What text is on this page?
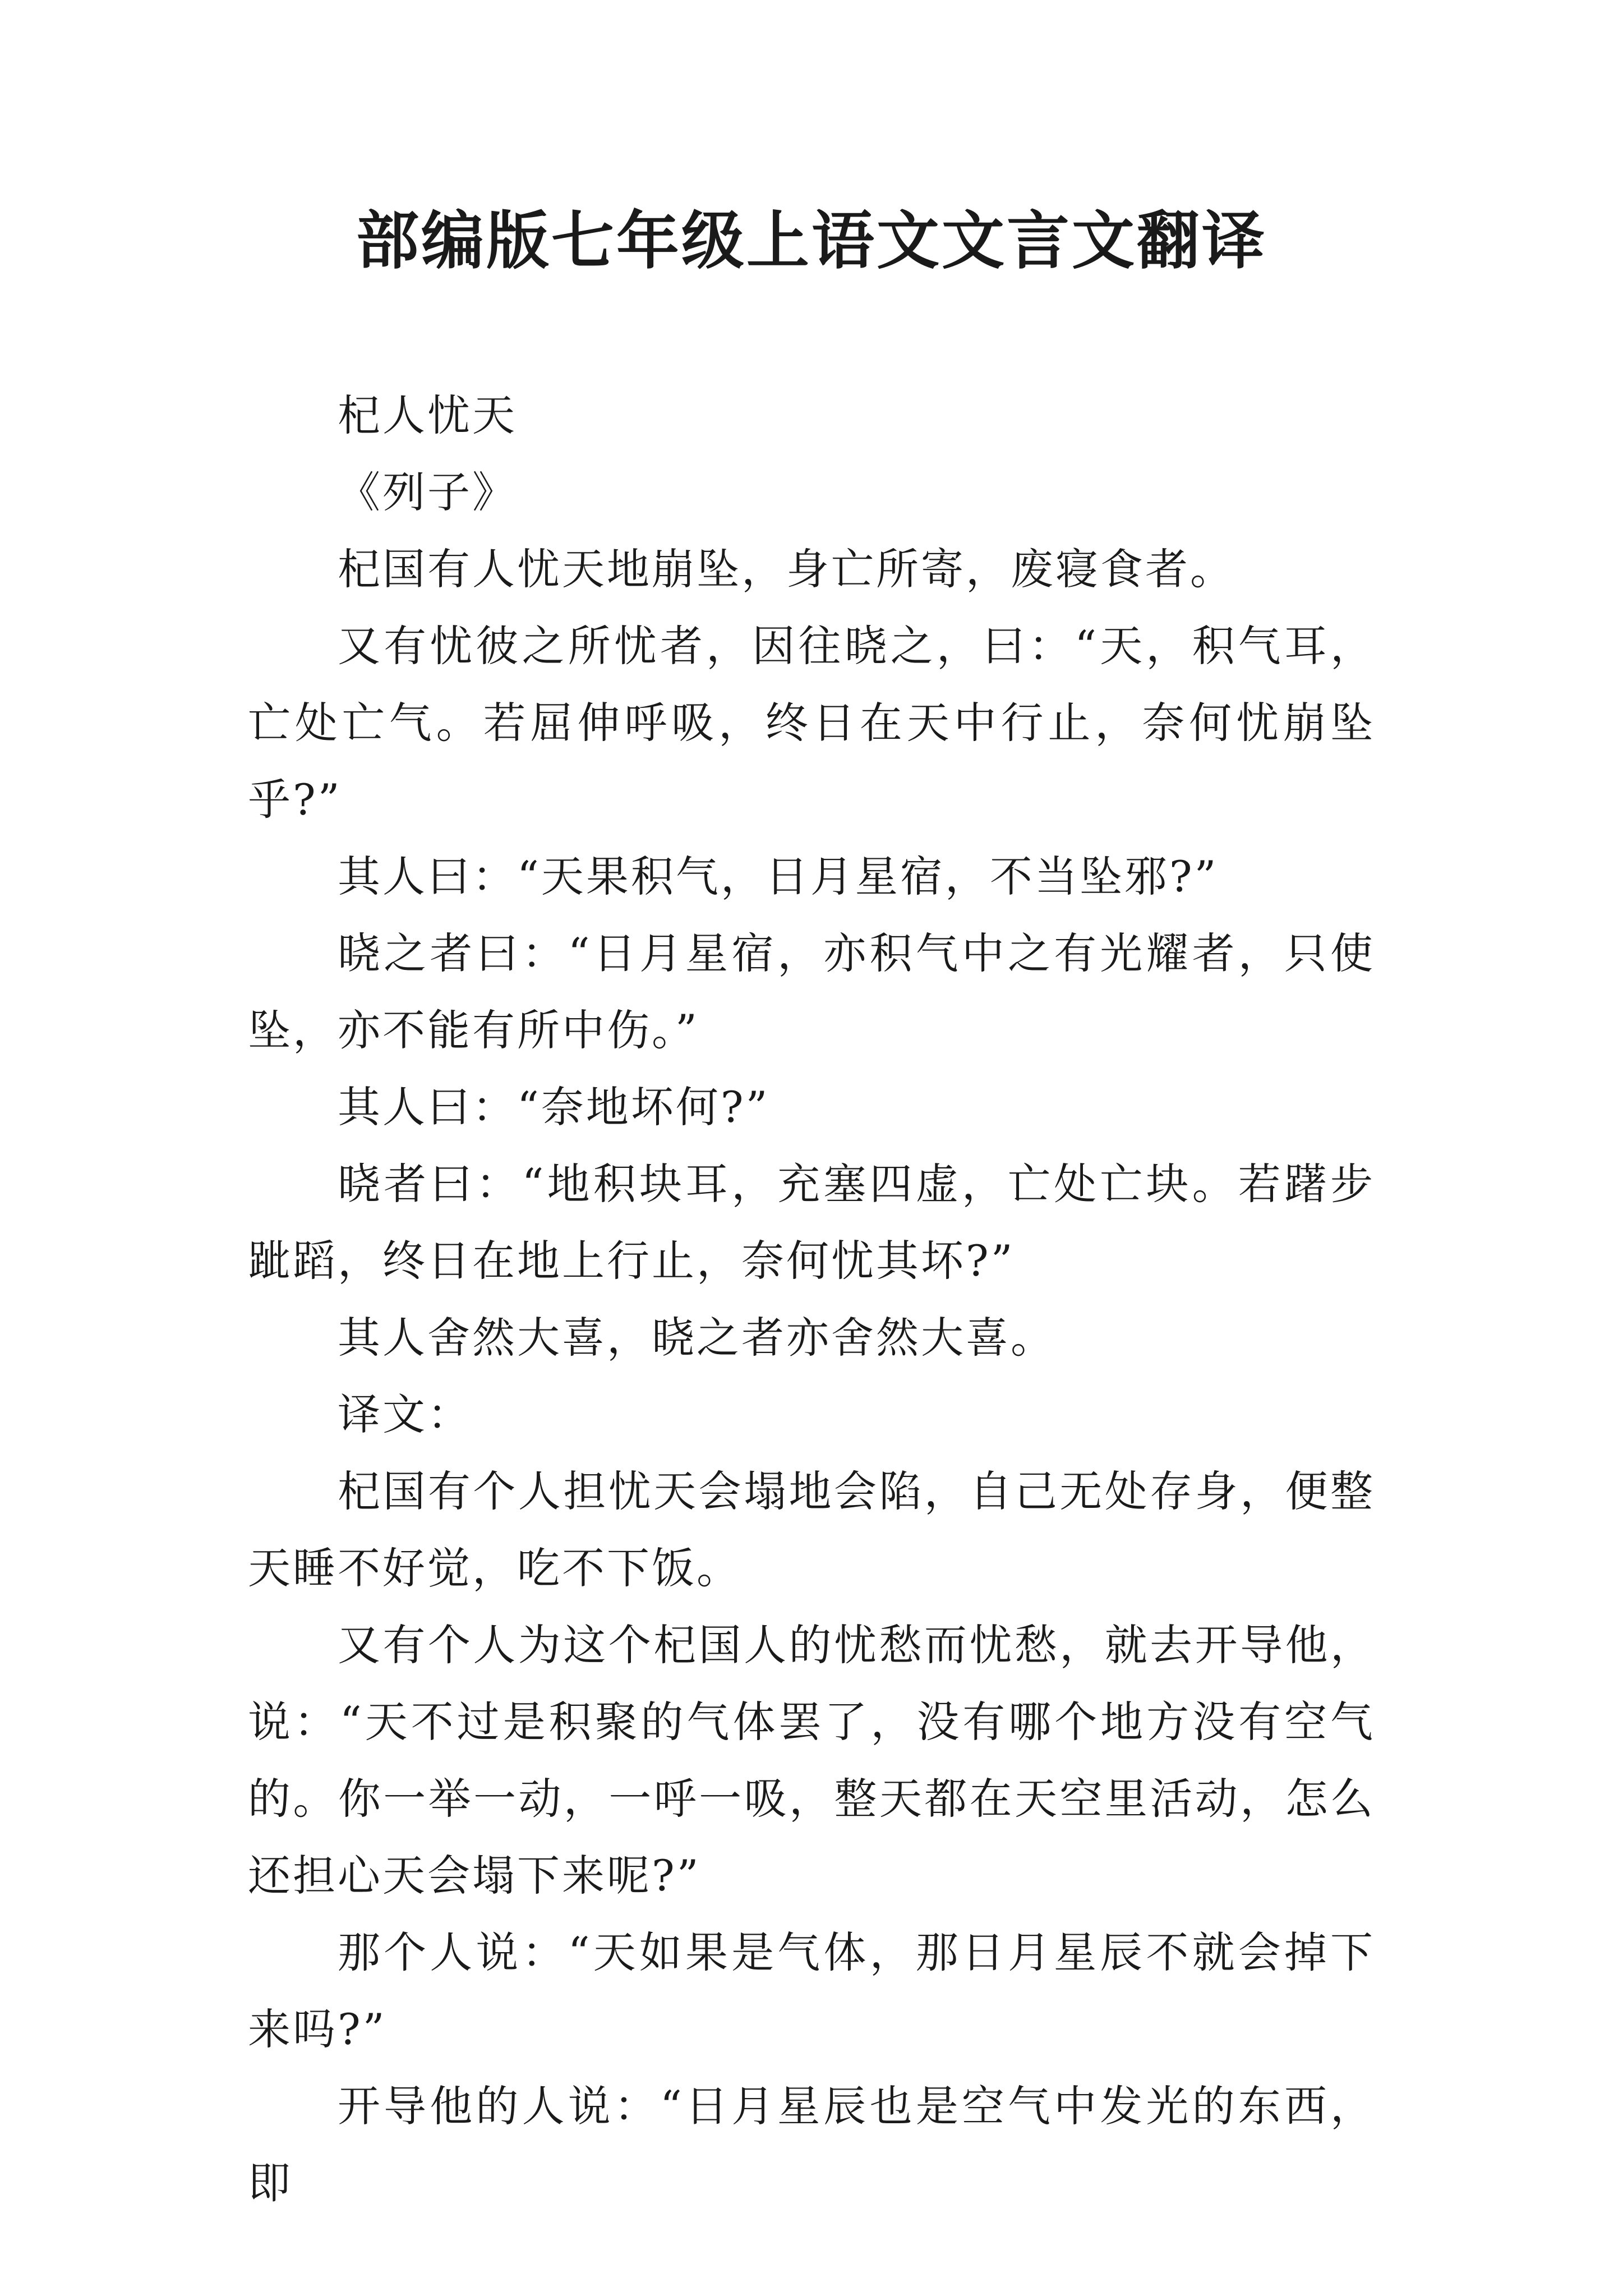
部编版七年级上语文文言文翻译

杞人忧天

《列子》

杞国有人忧天地崩坠，身亡所寄，废寝食者。

又有忧彼之所忧者，因往晓之，曰：“天，积气耳，亡处亡气。若屈伸呼吸，终日在天中行止，奈何忧崩坠乎?”

其人曰：“天果积气，日月星宿，不当坠邪?”

晓之者曰：“日月星宿，亦积气中之有光耀者，只使坠，亦不能有所中伤。”

其人曰：“奈地坏何?”

晓者曰：“地积块耳，充塞四虚，亡处亡块。若躇步跐蹈，终日在地上行止，奈何忧其坏?”

其人舍然大喜，晓之者亦舍然大喜。

译文：

杞国有个人担忧天会塌地会陷，自己无处存身，便整天睡不好觉，吃不下饭。

又有个人为这个杞国人的忧愁而忧愁，就去开导他，说：“天不过是积聚的气体罢了，没有哪个地方没有空气的。你一举一动，一呼一吸，整天都在天空里活动，怎么还担心天会塌下来呢?”

那个人说：“天如果是气体，那日月星辰不就会掉下来吗?”

开导他的人说：“日月星辰也是空气中发光的东西，即
